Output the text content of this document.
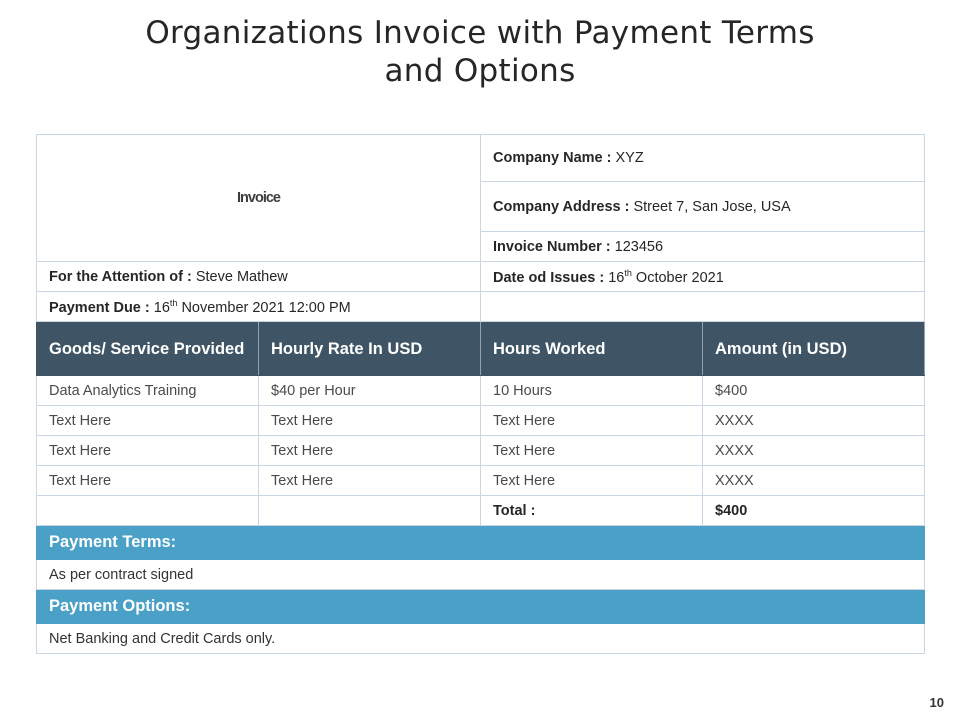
Organizations Invoice with Payment Terms
and Options
Invoice		Company Name : XYZ	
		Company Address : Street 7, San Jose, USA	
		Invoice Number : 123456	
For the Attention of : Steve Mathew		Date od Issues : 16th October 2021	
Payment Due : 16th November 2021 12:00 PM			
Goods/ Service Provided	Hourly Rate In USD	Hours Worked	Amount (in USD)
Data Analytics Training	$40 per Hour	10 Hours	$400
Text Here	Text Here	Text Here	XXXX
Text Here	Text Here	Text Here	XXXX
Text Here	Text Here	Text Here	XXXX
		Total :	$400
Payment Terms:			
As per contract signed			
Payment Options:			
Net Banking and Credit Cards only.			
10
